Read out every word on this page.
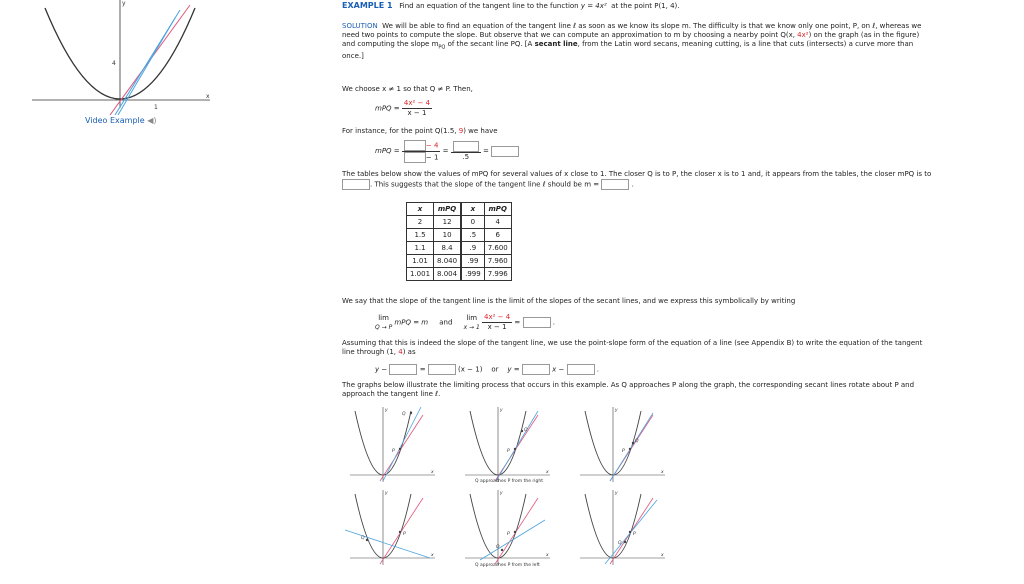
y
x
4
1
Video Example ◀)
EXAMPLE 1 Find an equation of the tangent line to the function y = 4x² at the point P(1, 4).
SOLUTION We will be able to find an equation of the tangent line ℓ as soon as we know its slope m. The difficulty is that we know only one point, P, on ℓ, whereas we
need two points to compute the slope. But observe that we can compute an approximation to m by choosing a nearby point Q(x, 4x²) on the graph (as in the figure)
and computing the slope $m_{PQ}$ of the secant line PQ. [A secant line, from the Latin word secans, meaning cutting, is a line that cuts (intersects) a curve more than
once.]
We choose x ≠ 1 so that Q ≠ P. Then,
mPQ = $\frac{\text{4x² − 4}}{x - 1}$
For instance, for the point Q(1.5, 9) we have
mPQ = $\frac{- 4}{- 1}$ =
.5
=
The tables below show the values of mPQ for several values of x close to 1. The closer Q is to P, the closer x is to 1 and, it appears from the tables, the closer mPQ is to
. This suggests that the slope of the tangent line ℓ should be m =	.
x	mPQ	x	mPQ
2	12	0	4
1.5	10	.5	6
1.1	8.4	.9	7.600
1.01	8.040	.99	7.960
1.001	8.004	.999	7.996
We say that the slope of the tangent line is the limit of the slopes of the secant lines, and we express this symbolically by writing
lim
Q → P
mPQ = m and
lim
x → 1
$\frac{\text{4x² − 4}}{x - 1}$ =	.
Assuming that this is indeed the slope of the tangent line, we use the point-slope form of the equation of a line (see Appendix B) to write the equation of the tangent
line through (1, 4) as
y −	=	(x − 1) or y =	x −	.
The graphs below illustrate the limiting process that occurs in this example. As Q approaches P along the graph, the corresponding secant lines rotate about P and
approach the tangent line ℓ.
P
Q
y
x
P
Q
y
x
P
Q
y
x
Q approaches P from the right
P
Q
y
x
P
Q
y
x
P
Q
y
x
Q approaches P from the left
